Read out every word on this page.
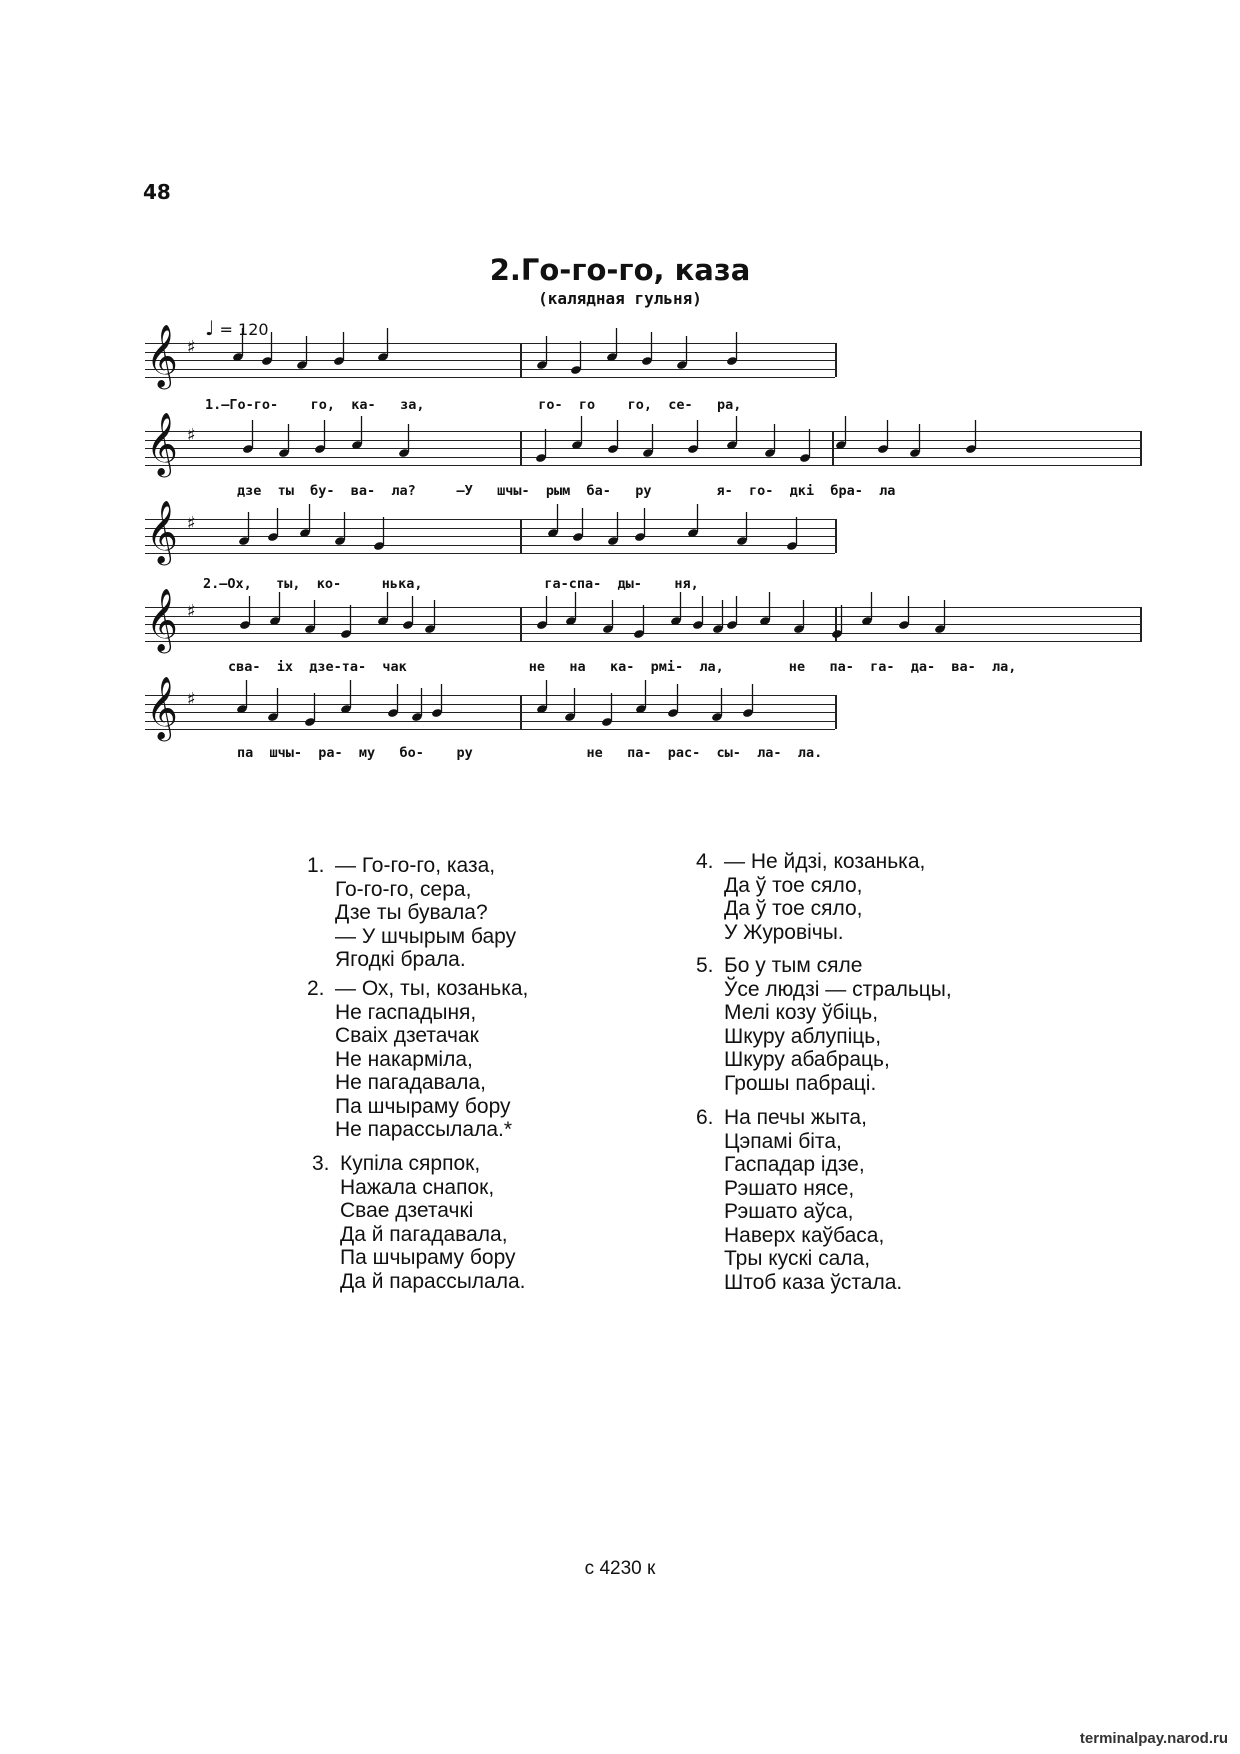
48
2.Го-го-го, каза
(калядная гульня)
♩ = 120
𝄞 ♯
𝄞 ♯
𝄞 ♯
𝄞 ♯
𝄞 ♯
1.—Го-го-    го,  ка-   за,              го-  го    го,  се-   ра,
дзе  ты  бу-  ва-  ла?     —У   шчы-  рым  ба-   ру        я-  го-  дкі  бра-  ла
2.—Ох,   ты,  ко-     нька,               га-спа-  ды-    ня,
сва-  іх  дзе-та-  чак               не   на   ка-  рмі-  ла,        не   па-  га-  да-  ва-  ла,
па  шчы-  ра-  му   бо-    ру              не   па-  рас-  сы-  ла-  ла.
1. — Го-го-го, каза,
Го-го-го, сера,
Дзе ты бувала?
— У шчырым бару
Ягодкі брала.
2. — Ох, ты, козанька,
Не гаспадыня,
Сваіх дзетачак
Не накарміла,
Не пагадавала,
Па шчыраму бору
Не парассылала.*
3. Купіла сярпок,
Нажала снапок,
Свае дзетачкі
Да й пагадавала,
Па шчыраму бору
Да й парассылала.
4. — Не йдзі, козанька,
Да ў тое сяло,
Да ў тое сяло,
У Журовічы.
5. Бо у тым сяле
Ўсе людзі — стральцы,
Мелі козу ўбіць,
Шкуру аблупіць,
Шкуру абабраць,
Грошы пабраці.
6. На печы жыта,
Цэпамі біта,
Гаспадар ідзе,
Рэшато нясе,
Рэшато аўса,
Наверх каўбаса,
Тры кускі сала,
Штоб каза ўстала.
с 4230 к
terminalpay.narod.ru
